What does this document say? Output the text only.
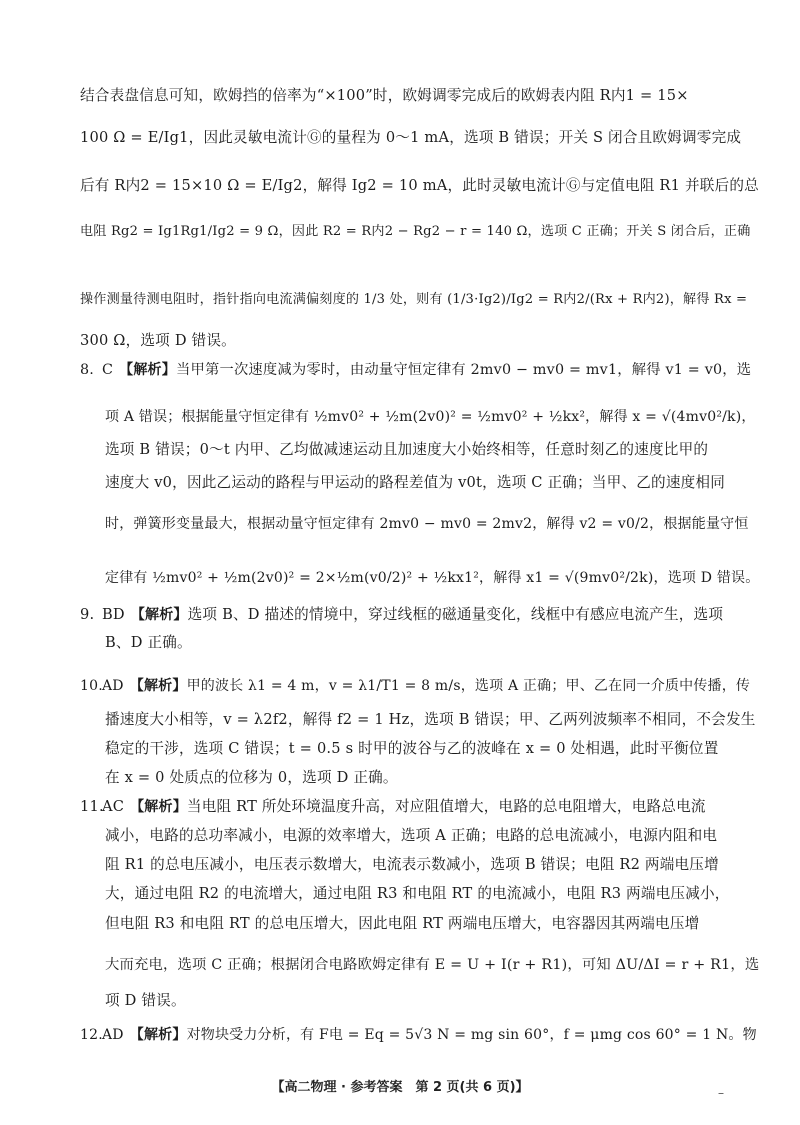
结合表盘信息可知，欧姆挡的倍率为“×100”时，欧姆调零完成后的欧姆表内阻 R内1 = 15×
100 Ω = E/Ig1，因此灵敏电流计Ⓖ的量程为 0～1 mA，选项 B 错误；开关 S 闭合且欧姆调零完成
后有 R内2 = 15×10 Ω = E/Ig2，解得 Ig2 = 10 mA，此时灵敏电流计Ⓖ与定值电阻 R1 并联后的总
电阻 Rg2 = Ig1Rg1/Ig2 = 9 Ω，因此 R2 = R内2 − Rg2 − r = 140 Ω，选项 C 正确；开关 S 闭合后，正确
操作测量待测电阻时，指针指向电流满偏刻度的 1/3 处，则有 (1/3·Ig2)/Ig2 = R内2/(Rx + R内2)，解得 Rx =
300 Ω，选项 D 错误。
8. C 【解析】当甲第一次速度减为零时，由动量守恒定律有 2mv0 − mv0 = mv1，解得 v1 = v0，选
项 A 错误；根据能量守恒定律有 ½mv0² + ½m(2v0)² = ½mv0² + ½kx²，解得 x = √(4mv0²/k)，
选项 B 错误；0～t 内甲、乙均做减速运动且加速度大小始终相等，任意时刻乙的速度比甲的
速度大 v0，因此乙运动的路程与甲运动的路程差值为 v0t，选项 C 正确；当甲、乙的速度相同
时，弹簧形变量最大，根据动量守恒定律有 2mv0 − mv0 = 2mv2，解得 v2 = v0/2，根据能量守恒
定律有 ½mv0² + ½m(2v0)² = 2×½m(v0/2)² + ½kx1²，解得 x1 = √(9mv0²/2k)，选项 D 错误。
9. BD 【解析】选项 B、D 描述的情境中，穿过线框的磁通量变化，线框中有感应电流产生，选项
B、D 正确。
10.AD 【解析】甲的波长 λ1 = 4 m，v = λ1/T1 = 8 m/s，选项 A 正确；甲、乙在同一介质中传播，传
播速度大小相等，v = λ2f2，解得 f2 = 1 Hz，选项 B 错误；甲、乙两列波频率不相同，不会发生
稳定的干涉，选项 C 错误；t = 0.5 s 时甲的波谷与乙的波峰在 x = 0 处相遇，此时平衡位置
在 x = 0 处质点的位移为 0，选项 D 正确。
11.AC 【解析】当电阻 RT 所处环境温度升高，对应阻值增大，电路的总电阻增大，电路总电流
减小，电路的总功率减小，电源的效率增大，选项 A 正确；电路的总电流减小，电源内阻和电
阻 R1 的总电压减小，电压表示数增大，电流表示数减小，选项 B 错误；电阻 R2 两端电压增
大，通过电阻 R2 的电流增大，通过电阻 R3 和电阻 RT 的电流减小，电阻 R3 两端电压减小，
但电阻 R3 和电阻 RT 的总电压增大，因此电阻 RT 两端电压增大，电容器因其两端电压增
大而充电，选项 C 正确；根据闭合电路欧姆定律有 E = U + I(r + R1)，可知 ΔU/ΔI = r + R1，选
项 D 错误。
12.AD 【解析】对物块受力分析，有 F电 = Eq = 5√3 N = mg sin 60°，f = μmg cos 60° = 1 N。物
【高二物理 · 参考答案　第 2 页(共 6 页)】	–
